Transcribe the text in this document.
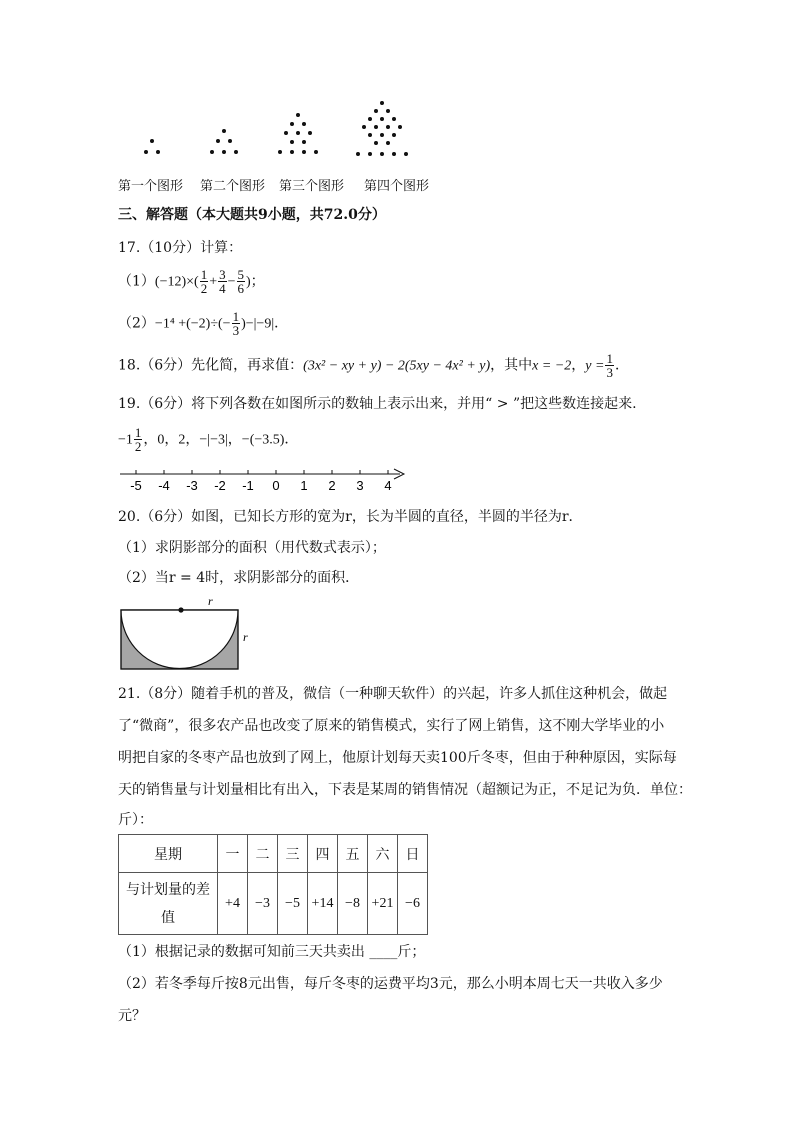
第一个图形 第二个图形 第三个图形 第四个图形
三、解答题（本大题共9小题，共72.0分）
17.（10分）计算：
$(1)(-12)\times( \frac{1}{2} + \frac{3}{4} - \frac{5}{6}$ )；
$(2)-1^4 +(-2)\div(- \frac{1}{3} )-|-9|$．
18.（6分）先化简，再求值：(3x² − xy + y) − 2(5xy − 4x² + y)，其中x = −2，$y = \frac{1}{3}$ ．
19.（6分）将下列各数在如图所示的数轴上表示出来，并用“ > ”把这些数连接起来.
$-1 \frac{1}{2}$ ，0，2，−|−3|，−(−3.5)．
-5 -4 -3 -2 -1 0 1 2 3 4
20.（6分）如图，已知长方形的宽为r，长为半圆的直径，半圆的半径为r．
（1）求阴影部分的面积（用代数式表示）；
（2）当r = 4时，求阴影部分的面积．
r
r
21.（8分）随着手机的普及，微信（一种聊天软件）的兴起，许多人抓住这种机会，做起
了“微商”，很多农产品也改变了原来的销售模式，实行了网上销售，这不刚大学毕业的小
明把自家的冬枣产品也放到了网上，他原计划每天卖100斤冬枣，但由于种种原因，实际每
天的销售量与计划量相比有出入，下表是某周的销售情况（超额记为正，不足记为负．单位：
斤）：
星期	一	二	三	四	五	六	日

与计划量的差
值	+4	−3	−5	+14	−8	+21	−6
（1）根据记录的数据可知前三天共卖出 ____斤；
（2）若冬季每斤按8元出售，每斤冬枣的运费平均3元，那么小明本周七天一共收入多少
元？
